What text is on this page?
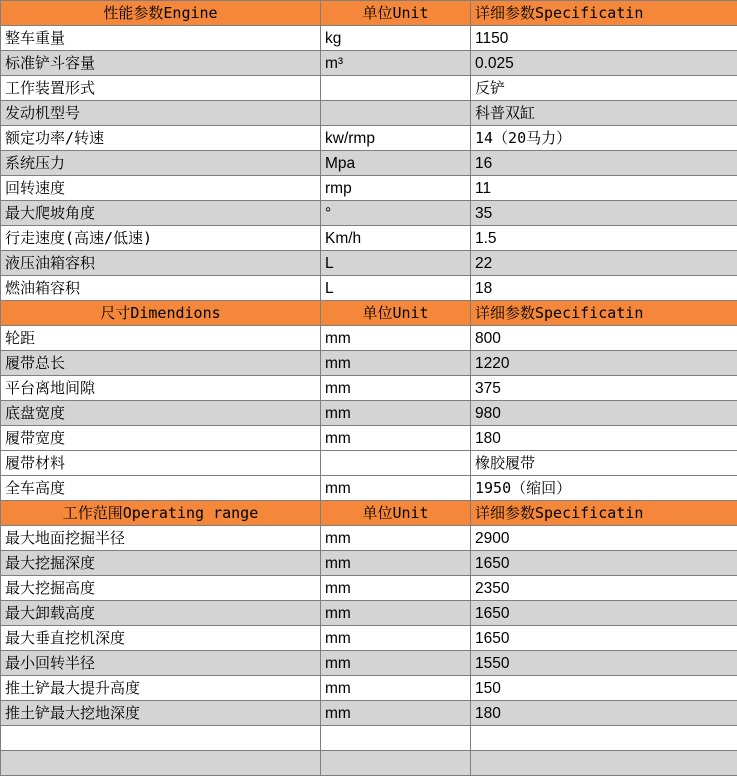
性能参数Engine	单位Unit	详细参数Specificatin
整车重量	kg	1150
标准铲斗容量	m³	0.025
工作装置形式		反铲
发动机型号		科普双缸
额定功率/转速	kw/rmp	14（20马力）
系统压力	Mpa	16
回转速度	rmp	11
最大爬坡角度	°	35
行走速度(高速/低速)	Km/h	1.5
液压油箱容积	L	22
燃油箱容积	L	18
尺寸Dimendions	单位Unit	详细参数Specificatin
轮距	mm	800
履带总长	mm	1220
平台离地间隙	mm	375
底盘宽度	mm	980
履带宽度	mm	180
履带材料		橡胶履带
全车高度	mm	1950（缩回）
工作范围Operating range	单位Unit	详细参数Specificatin
最大地面挖掘半径	mm	2900
最大挖掘深度	mm	1650
最大挖掘高度	mm	2350
最大卸载高度	mm	1650
最大垂直挖机深度	mm	1650
最小回转半径	mm	1550
推土铲最大提升高度	mm	150
推土铲最大挖地深度	mm	180
